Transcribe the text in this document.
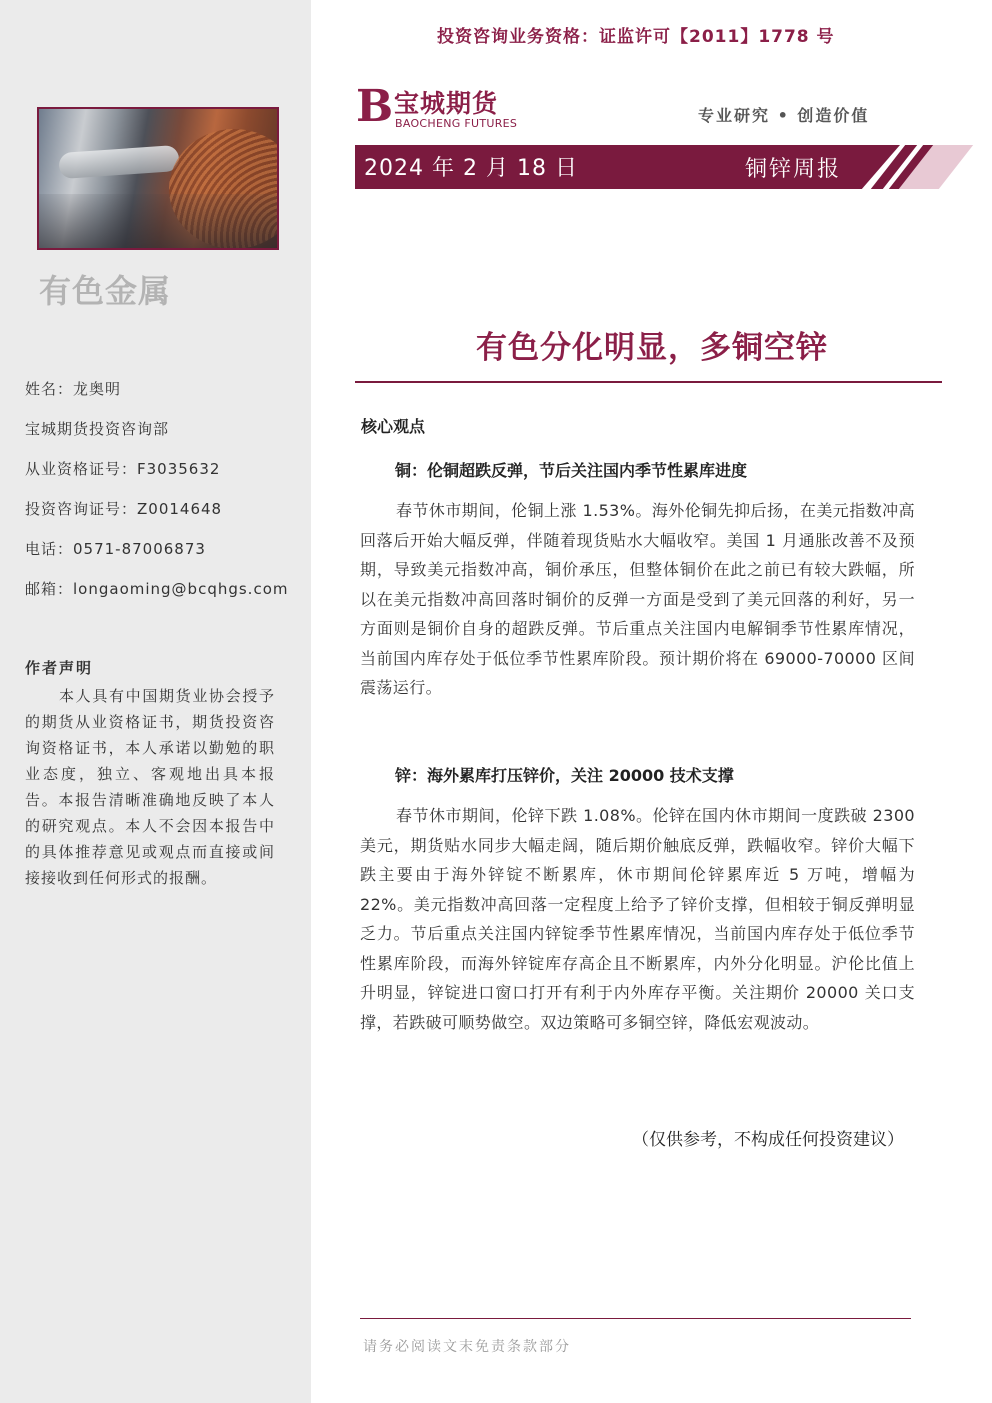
有色金属
姓名：龙奥明
宝城期货投资咨询部
从业资格证号：F3035632
投资咨询证号：Z0014648
电话：0571-87006873
邮箱：longaoming@bcqhgs.com
作者声明
本人具有中国期货业协会授予的期货从业资格证书，期货投资咨询资格证书，本人承诺以勤勉的职业态度，独立、客观地出具本报告。本报告清晰准确地反映了本人的研究观点。本人不会因本报告中的具体推荐意见或观点而直接或间接接收到任何形式的报酬。
投资咨询业务资格：证监许可【2011】1778 号
B 宝城期货
BAOCHENG FUTURES	专业研究 • 创造价值
2024 年 2 月 18 日	铜锌周报
有色分化明显，多铜空锌
核心观点
铜：伦铜超跌反弹，节后关注国内季节性累库进度
春节休市期间，伦铜上涨 1.53%。海外伦铜先抑后扬，在美元指数冲高回落后开始大幅反弹，伴随着现货贴水大幅收窄。美国 1 月通胀改善不及预期，导致美元指数冲高，铜价承压，但整体铜价在此之前已有较大跌幅，所以在美元指数冲高回落时铜价的反弹一方面是受到了美元回落的利好，另一方面则是铜价自身的超跌反弹。节后重点关注国内电解铜季节性累库情况，当前国内库存处于低位季节性累库阶段。预计期价将在 69000-70000 区间震荡运行。
锌：海外累库打压锌价，关注 20000 技术支撑
春节休市期间，伦锌下跌 1.08%。伦锌在国内休市期间一度跌破 2300 美元，期货贴水同步大幅走阔，随后期价触底反弹，跌幅收窄。锌价大幅下跌主要由于海外锌锭不断累库，休市期间伦锌累库近 5 万吨，增幅为 22%。美元指数冲高回落一定程度上给予了锌价支撑，但相较于铜反弹明显乏力。节后重点关注国内锌锭季节性累库情况，当前国内库存处于低位季节性累库阶段，而海外锌锭库存高企且不断累库，内外分化明显。沪伦比值上升明显，锌锭进口窗口打开有利于内外库存平衡。关注期价 20000 关口支撑，若跌破可顺势做空。双边策略可多铜空锌，降低宏观波动。
（仅供参考，不构成任何投资建议）
请务必阅读文末免责条款部分
